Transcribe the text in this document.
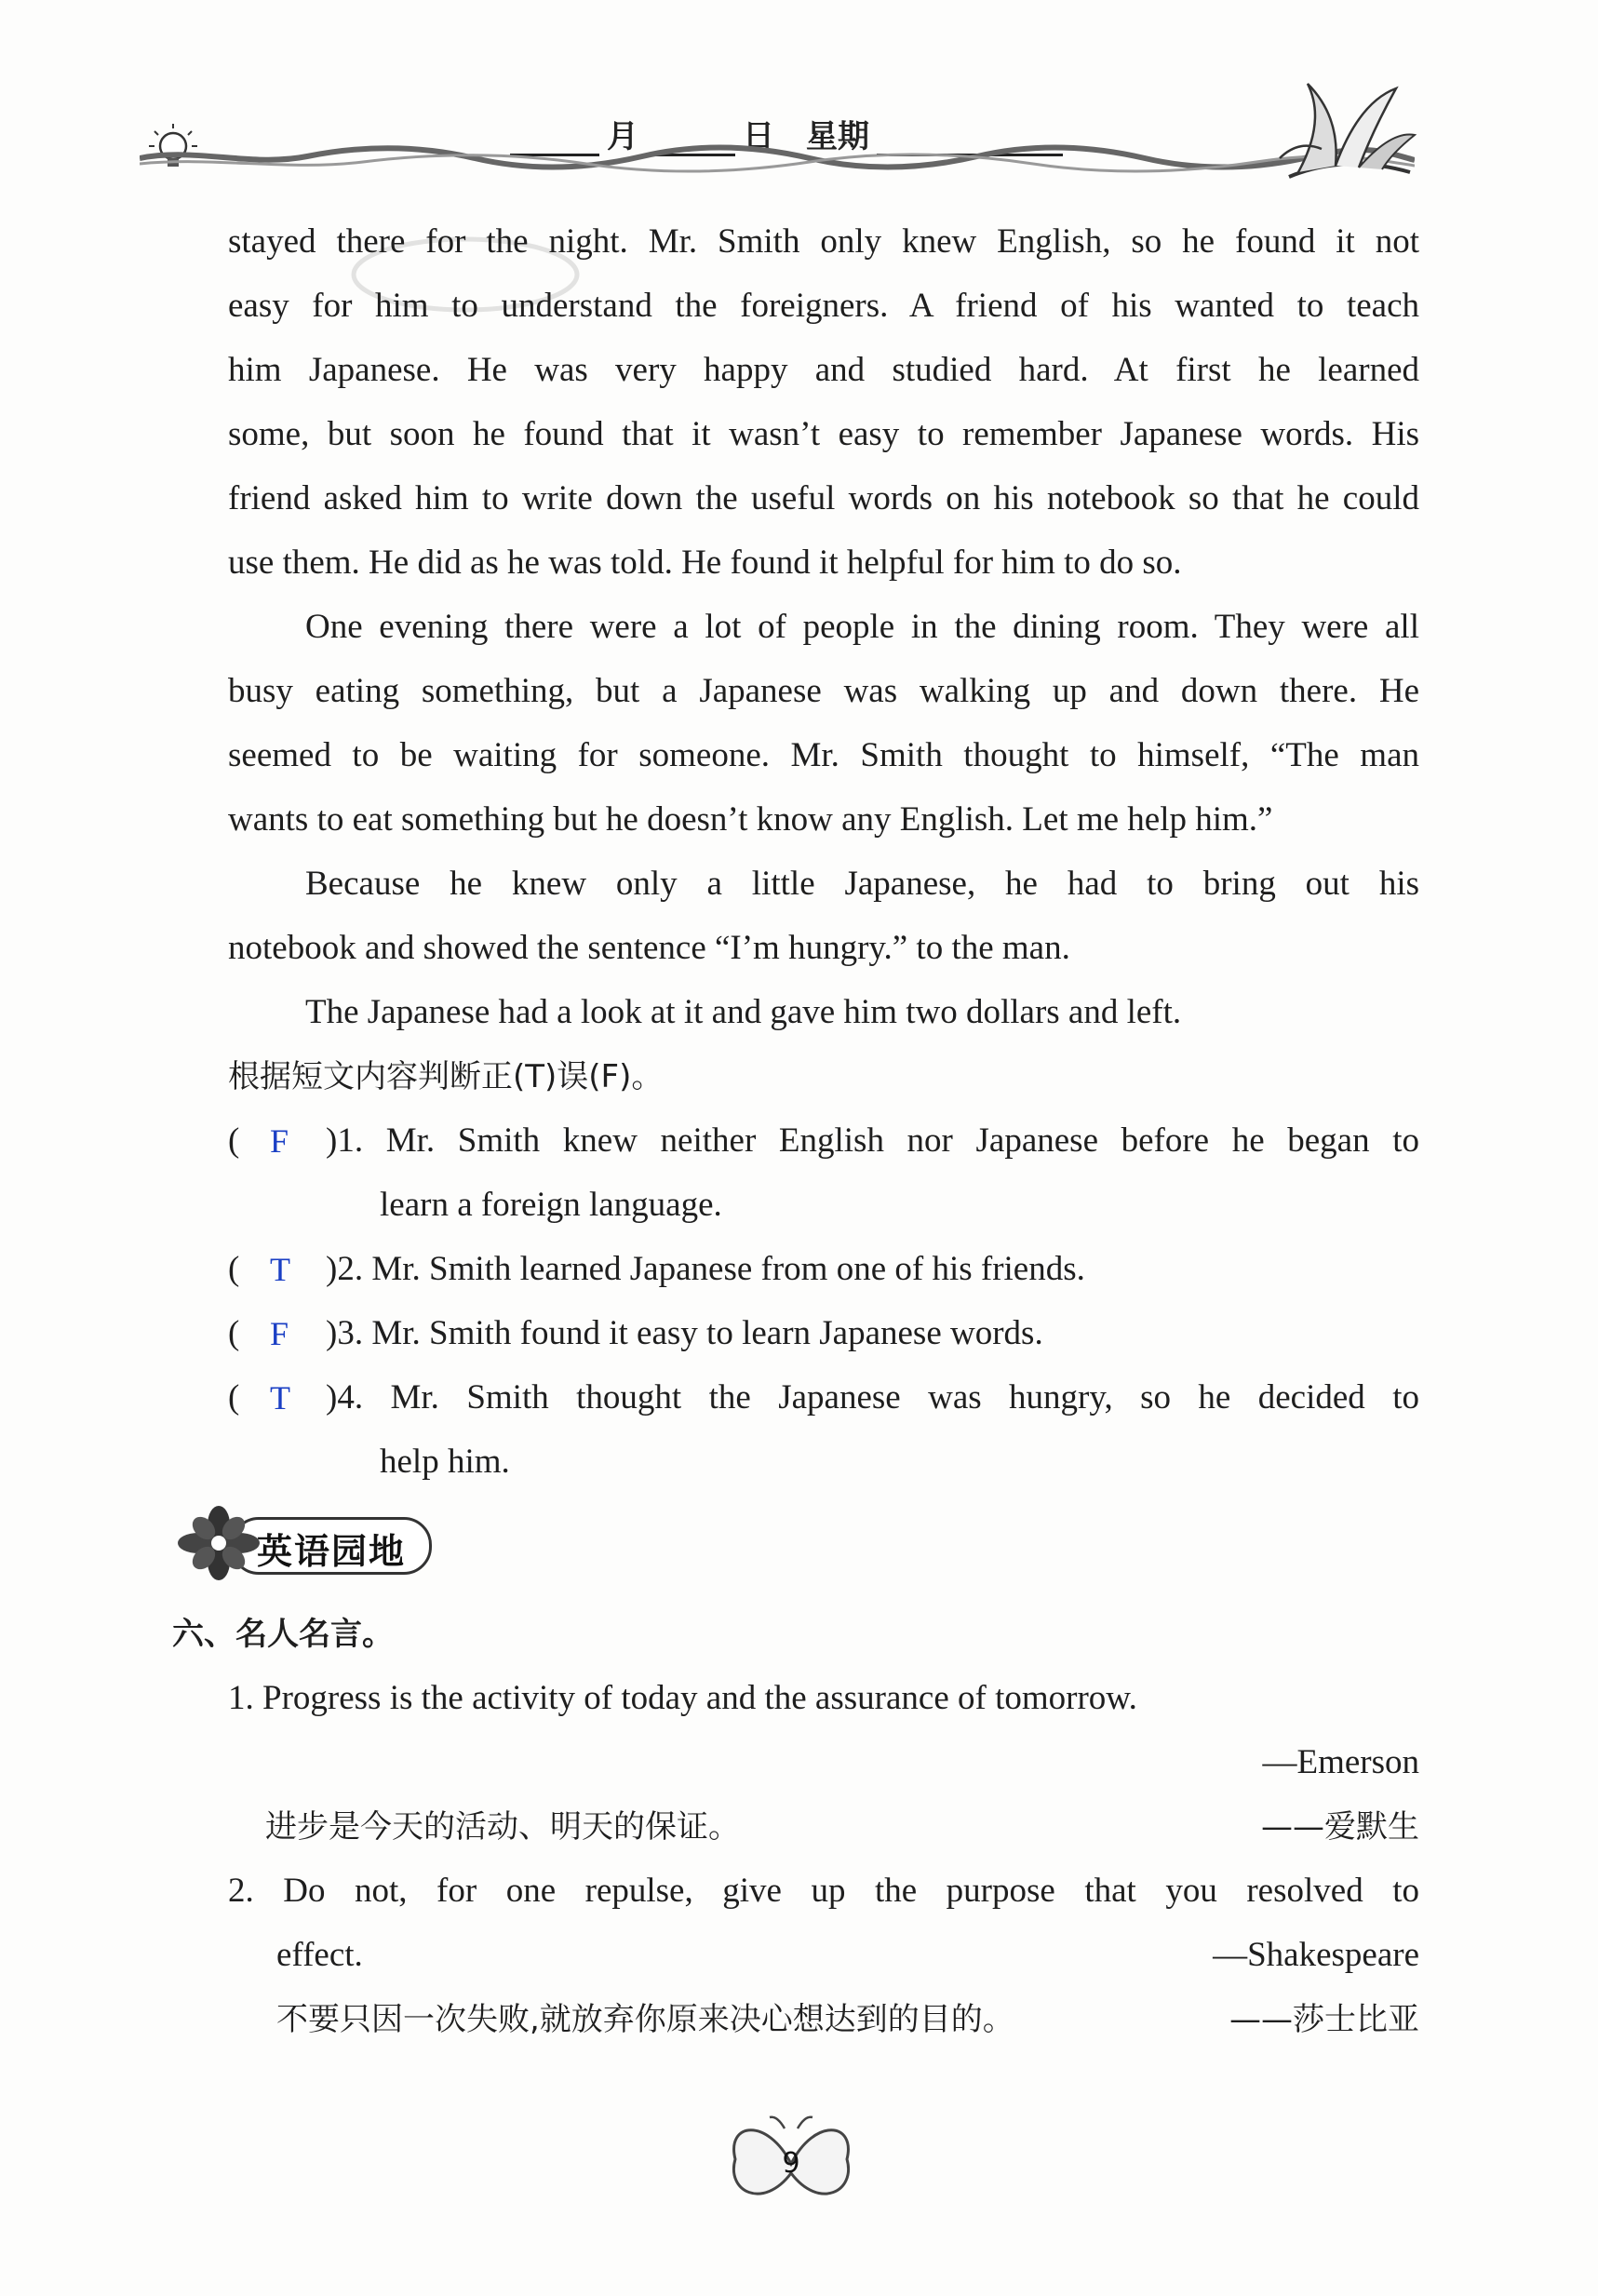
月	日 星期
stayed there for the night. Mr. Smith only knew English, so he found it not
easy for him to understand the foreigners. A friend of his wanted to teach
him Japanese. He was very happy and studied hard. At first he learned
some, but soon he found that it wasn’t easy to remember Japanese words. His
friend asked him to write down the useful words on his notebook so that he could
use them. He did as he was told. He found it helpful for him to do so.
One evening there were a lot of people in the dining room. They were all
busy eating something, but a Japanese was walking up and down there. He
seemed to be waiting for someone. Mr. Smith thought to himself, “The man
wants to eat something but he doesn’t know any English. Let me help him.”
Because he knew only a little Japanese, he had to bring out his
notebook and showed the sentence “I’m hungry.” to the man.
The Japanese had a look at it and gave him two dollars and left.
根据短文内容判断正(T)误(F)。
( F )1. Mr. Smith knew neither English nor Japanese before he began to
learn a foreign language.
( T )2. Mr. Smith learned Japanese from one of his friends.
( F )3. Mr. Smith found it easy to learn Japanese words.
( T )4. Mr. Smith thought the Japanese was hungry, so he decided to
help him.
英语园地
六、名人名言。
1. Progress is the activity of today and the assurance of tomorrow.
—Emerson
进步是今天的活动、明天的保证。	——爱默生
2. Do not, for one repulse, give up the purpose that you resolved to
effect.	—Shakespeare
不要只因一次失败,就放弃你原来决心想达到的目的。	——莎士比亚
9
